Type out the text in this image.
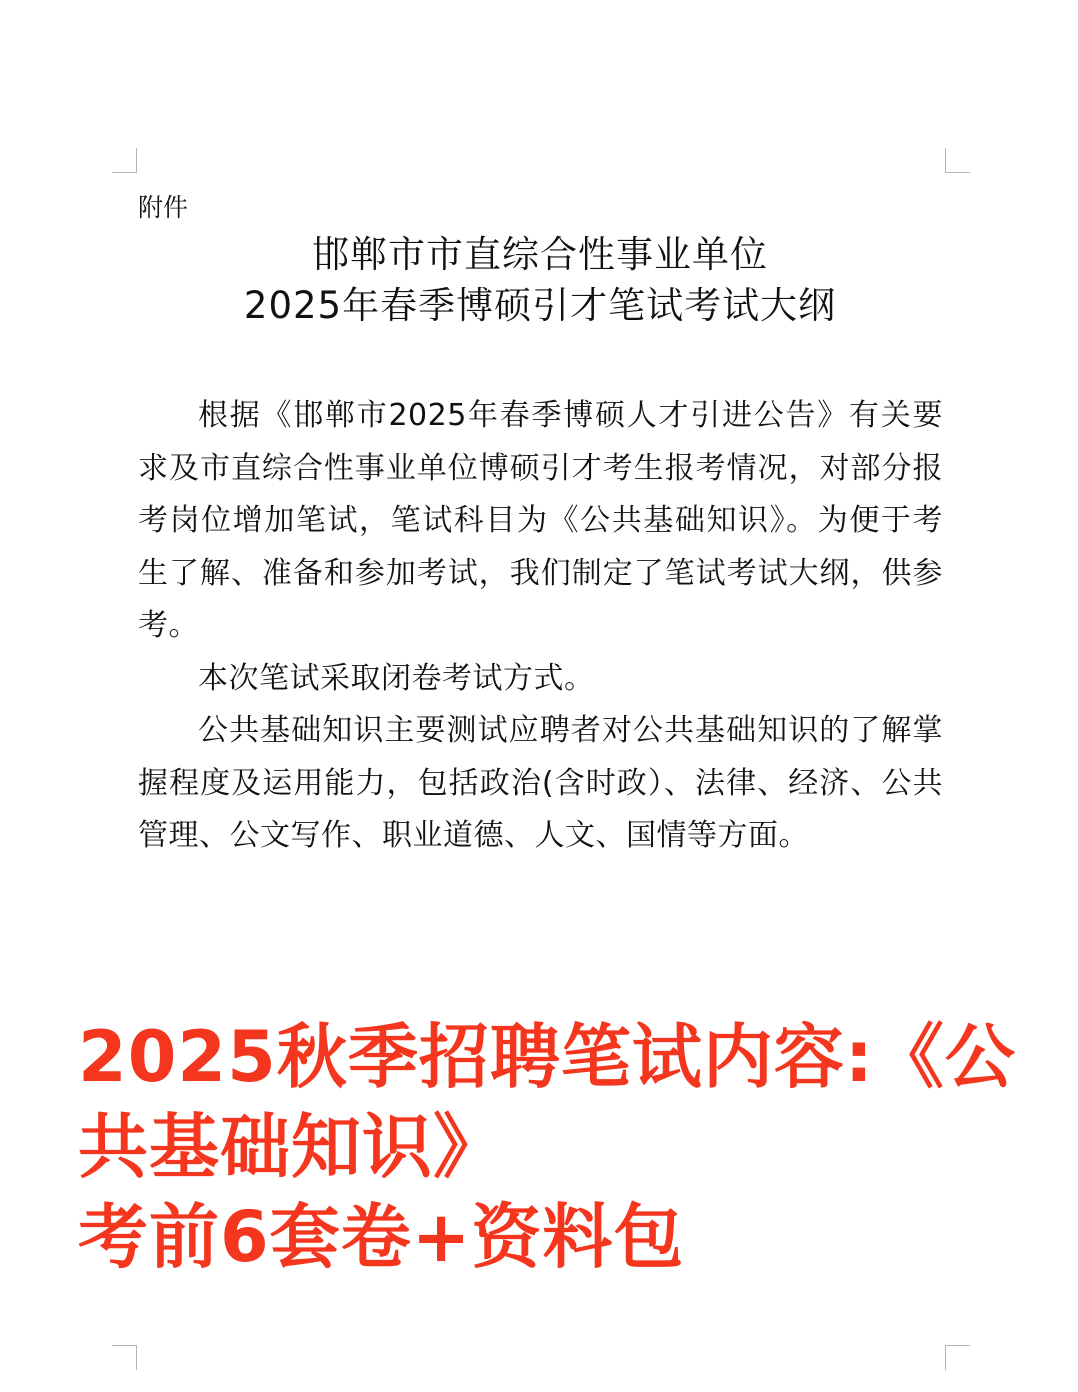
附件
邯郸市市直综合性事业单位
2025年春季博硕引才笔试考试大纲

根据《邯郸市2025年春季博硕人才引进公告》有关要求及市直综合性事业单位博硕引才考生报考情况，对部分报考岗位增加笔试，笔试科目为《公共基础知识》。为便于考生了解、准备和参加考试，我们制定了笔试考试大纲，供参考。

本次笔试采取闭卷考试方式。

公共基础知识主要测试应聘者对公共基础知识的了解掌握程度及运用能力，包括政治(含时政）、法律、经济、公共管理、公文写作、职业道德、人文、国情等方面。

2025秋季招聘笔试内容:《公
共基础知识》
考前6套卷+资料包
